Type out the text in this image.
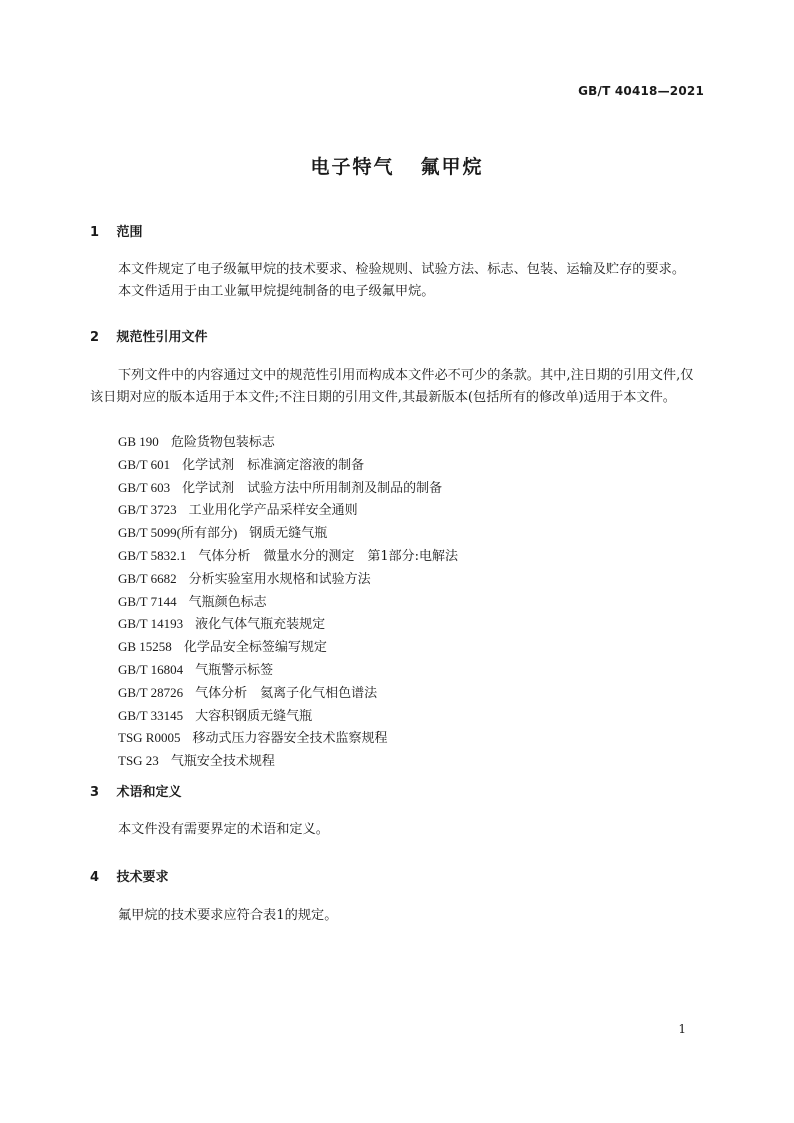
GB/T 40418—2021
电子特气 氟甲烷
1 范围
本文件规定了电子级氟甲烷的技术要求、检验规则、试验方法、标志、包装、运输及贮存的要求。
本文件适用于由工业氟甲烷提纯制备的电子级氟甲烷。
2 规范性引用文件
下列文件中的内容通过文中的规范性引用而构成本文件必不可少的条款。其中,注日期的引用文件,仅该日期对应的版本适用于本文件;不注日期的引用文件,其最新版本(包括所有的修改单)适用于本文件。
GB 190 危险货物包装标志
GB/T 601 化学试剂　标准滴定溶液的制备
GB/T 603 化学试剂　试验方法中所用制剂及制品的制备
GB/T 3723 工业用化学产品采样安全通则
GB/T 5099(所有部分) 钢质无缝气瓶
GB/T 5832.1 气体分析　微量水分的测定　第1部分:电解法
GB/T 6682 分析实验室用水规格和试验方法
GB/T 7144 气瓶颜色标志
GB/T 14193 液化气体气瓶充装规定
GB 15258 化学品安全标签编写规定
GB/T 16804 气瓶警示标签
GB/T 28726 气体分析　氦离子化气相色谱法
GB/T 33145 大容积钢质无缝气瓶
TSG R0005 移动式压力容器安全技术监察规程
TSG 23 气瓶安全技术规程
3 术语和定义
本文件没有需要界定的术语和定义。
4 技术要求
氟甲烷的技术要求应符合表1的规定。
1
